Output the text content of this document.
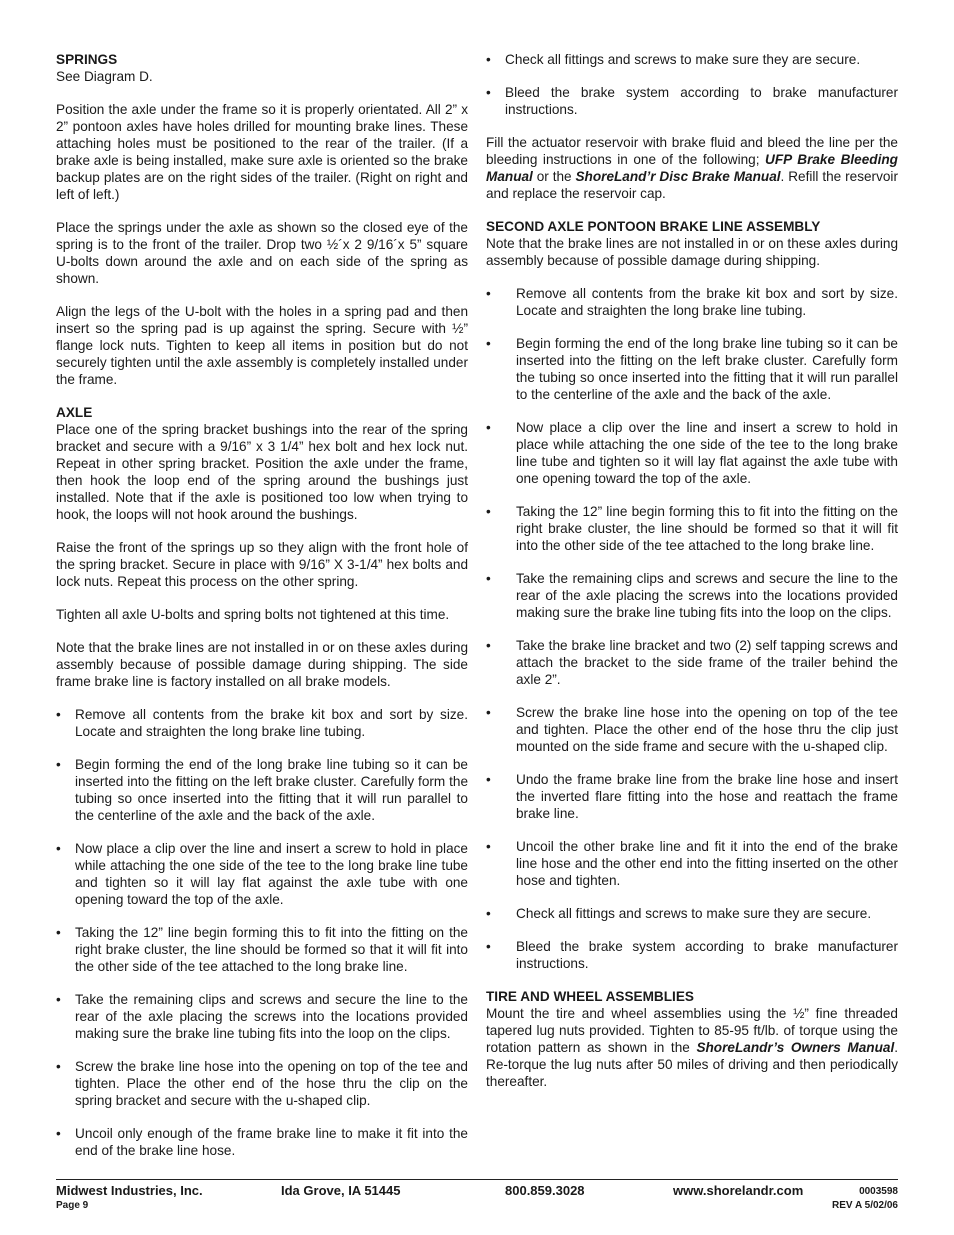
SPRINGS

See Diagram D.

Position the axle under the frame so it is properly orientated. All 2” x 2” pontoon axles have holes drilled for mounting brake lines. These attaching holes must be positioned to the rear of the trailer. (If a brake axle is being installed, make sure axle is oriented so the brake backup plates are on the right sides of the trailer. (Right on right and left of left.)

Place the springs under the axle as shown so the closed eye of the spring is to the front of the trailer. Drop two ½´x 2 9/16´x 5” square U-bolts down around the axle and on each side of the spring as shown.

Align the legs of the U-bolt with the holes in a spring pad and then insert so the spring pad is up against the spring. Secure with ½” flange lock nuts. Tighten to keep all items in position but do not securely tighten until the axle assembly is completely installed under the frame.

AXLE

Place one of the spring bracket bushings into the rear of the spring bracket and secure with a 9/16” x 3 1/4” hex bolt and hex lock nut. Repeat in other spring bracket. Position the axle under the frame, then hook the loop end of the spring around the bushings just installed. Note that if the axle is positioned too low when trying to hook, the loops will not hook around the bushings.

Raise the front of the springs up so they align with the front hole of the spring bracket. Secure in place with 9/16” X 3-1/4” hex bolts and lock nuts. Repeat this process on the other spring.

Tighten all axle U-bolts and spring bolts not tightened at this time.

Note that the brake lines are not installed in or on these axles during assembly because of possible damage during shipping. The side frame brake line is factory installed on all brake models.

• Remove all contents from the brake kit box and sort by size. Locate and straighten the long brake line tubing.
• Begin forming the end of the long brake line tubing so it can be inserted into the fitting on the left brake cluster. Carefully form the tubing so once inserted into the fitting that it will run parallel to the centerline of the axle and the back of the axle.
• Now place a clip over the line and insert a screw to hold in place while attaching the one side of the tee to the long brake line tube and tighten so it will lay flat against the axle tube with one opening toward the top of the axle.
• Taking the 12” line begin forming this to fit into the fitting on the right brake cluster, the line should be formed so that it will fit into the other side of the tee attached to the long brake line.
• Take the remaining clips and screws and secure the line to the rear of the axle placing the screws into the locations provided making sure the brake line tubing fits into the loop on the clips.
• Screw the brake line hose into the opening on top of the tee and tighten. Place the other end of the hose thru the clip on the spring bracket and secure with the u-shaped clip.
• Uncoil only enough of the frame brake line to make it fit into the end of the brake line hose.
• Check all fittings and screws to make sure they are secure.
• Bleed the brake system according to brake manufacturer instructions.

Fill the actuator reservoir with brake fluid and bleed the line per the bleeding instructions in one of the following; UFP Brake Bleeding Manual or the ShoreLand’r Disc Brake Manual. Refill the reservoir and replace the reservoir cap.

SECOND AXLE PONTOON BRAKE LINE ASSEMBLY

Note that the brake lines are not installed in or on these axles during assembly because of possible damage during shipping.

• Remove all contents from the brake kit box and sort by size. Locate and straighten the long brake line tubing.
• Begin forming the end of the long brake line tubing so it can be inserted into the fitting on the left brake cluster. Carefully form the tubing so once inserted into the fitting that it will run parallel to the centerline of the axle and the back of the axle.
• Now place a clip over the line and insert a screw to hold in place while attaching the one side of the tee to the long brake line tube and tighten so it will lay flat against the axle tube with one opening toward the top of the axle.
• Taking the 12” line begin forming this to fit into the fitting on the right brake cluster, the line should be formed so that it will fit into the other side of the tee attached to the long brake line.
• Take the remaining clips and screws and secure the line to the rear of the axle placing the screws into the locations provided making sure the brake line tubing fits into the loop on the clips.
• Take the brake line bracket and two (2) self tapping screws and attach the bracket to the side frame of the trailer behind the axle 2”.
• Screw the brake line hose into the opening on top of the tee and tighten. Place the other end of the hose thru the clip just mounted on the side frame and secure with the u-shaped clip.
• Undo the frame brake line from the brake line hose and insert the inverted flare fitting into the hose and reattach the frame brake line.
• Uncoil the other brake line and fit it into the end of the brake line hose and the other end into the fitting inserted on the other hose and tighten.
• Check all fittings and screws to make sure they are secure.
• Bleed the brake system according to brake manufacturer instructions.
TIRE AND WHEEL ASSEMBLIES

Mount the tire and wheel assemblies using the ½” fine threaded tapered lug nuts provided. Tighten to 85-95 ft/lb. of torque using the rotation pattern as shown in the ShoreLandr’s Owners Manual. Re-torque the lug nuts after 50 miles of driving and then periodically thereafter.

Midwest Industries, Inc.	Ida Grove, IA 51445	800.859.3028	www.shorelandr.com	0003598
Page 9	REV A 5/02/06
